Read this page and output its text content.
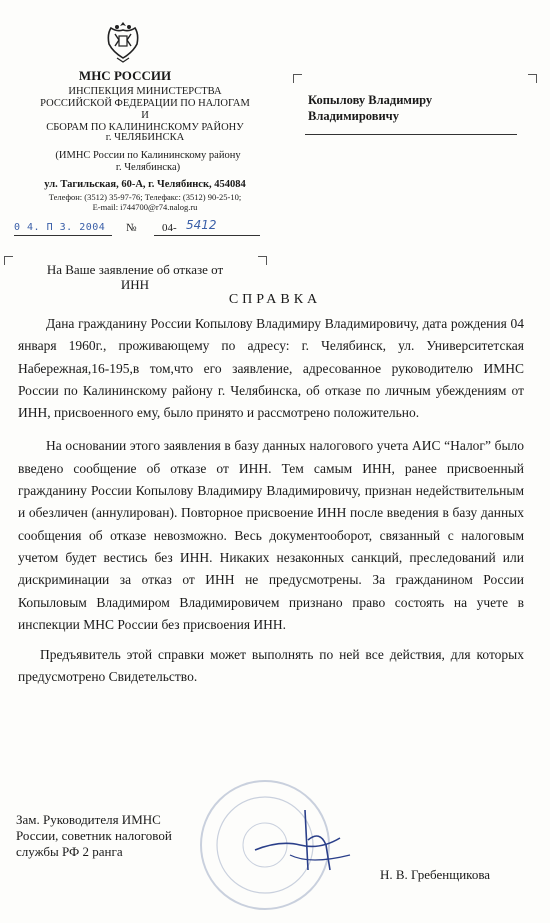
МНС РОССИИ
ИНСПЕКЦИЯ МИНИСТЕРСТВА
РОССИЙСКОЙ ФЕДЕРАЦИИ ПО НАЛОГАМ И
СБОРАМ ПО КАЛИНИНСКОМУ РАЙОНУ
г. ЧЕЛЯБИНСКА
(ИМНС России по Калининскому району
г. Челябинска)
ул. Тагильская, 60-А, г. Челябинск, 454084
Телефон: (3512) 35-97-76; Телефакс: (3512) 90-25-10;
E-mail: i744700@r74.nalog.ru
0 4. П 3. 2004 № 04- 5412
Копылову Владимиру
Владимировичу
На Ваше заявление об отказе от
ИНН
СПРАВКА

Дана гражданину России Копылову Владимиру Владимировичу, дата рождения 04 января 1960г., проживающему по адресу: г. Челябинск, ул. Университетская Набережная,16-195,в том,что его заявление, адресованное руководителю ИМНС России по Калининскому району г. Челябинска, об отказе по личным убеждениям от ИНН, присвоенного ему, было принято и рассмотрено положительно.

На основании этого заявления в базу данных налогового учета АИС “Налог” было введено сообщение об отказе от ИНН. Тем самым ИНН, ранее присвоенный гражданину России Копылову Владимиру Владимировичу, признан недействительным и обезличен (аннулирован). Повторное присвоение ИНН после введения в базу данных сообщения об отказе невозможно. Весь документооборот, связанный с налоговым учетом будет вестись без ИНН. Никаких незаконных санкций, преследований или дискриминации за отказ от ИНН не предусмотрены. За гражданином России Копыловым Владимиром Владимировичем признано право состоять на учете в инспекции МНС России без присвоения ИНН.

Предъявитель этой справки может выполнять по ней все действия, для которых предусмотрено Свидетельство.

Зам. Руководителя ИМНС
России, советник налоговой
службы РФ 2 ранга
Н. В. Гребенщикова
